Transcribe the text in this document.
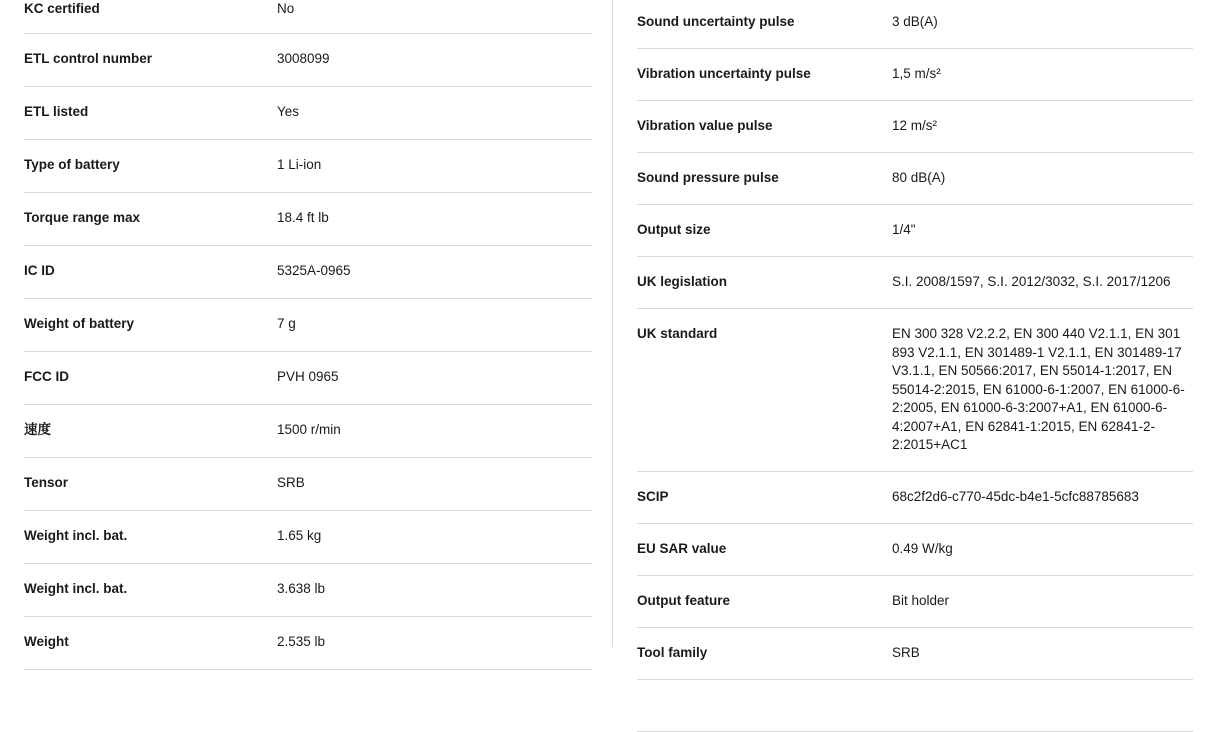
KC certified	No
ETL control number	3008099
ETL listed	Yes
Type of battery	1 Li-ion
Torque range max	18.4 ft lb
IC ID	5325A-0965
Weight of battery	7 g
FCC ID	PVH 0965
速度	1500 r/min
Tensor	SRB
Weight incl. bat.	1.65 kg
Weight incl. bat.	3.638 lb
Weight	2.535 lb
Sound uncertainty pulse	3 dB(A)
Vibration uncertainty pulse	1,5 m/s²
Vibration value pulse	12 m/s²
Sound pressure pulse	80 dB(A)
Output size	1/4"
UK legislation	S.I. 2008/1597, S.I. 2012/3032, S.I. 2017/1206
UK standard	EN 300 328 V2.2.2, EN 300 440 V2.1.1, EN 301 893 V2.1.1, EN 301489-1 V2.1.1, EN 301489-17 V3.1.1, EN 50566:2017, EN 55014-1:2017, EN 55014-2:2015, EN 61000-6-1:2007, EN 61000-6-2:2005, EN 61000-6-3:2007+A1, EN 61000-6-4:2007+A1, EN 62841-1:2015, EN 62841-2-2:2015+AC1
SCIP	68c2f2d6-c770-45dc-b4e1-5cfc88785683
EU SAR value	0.49 W/kg
Output feature	Bit holder
Tool family	SRB
